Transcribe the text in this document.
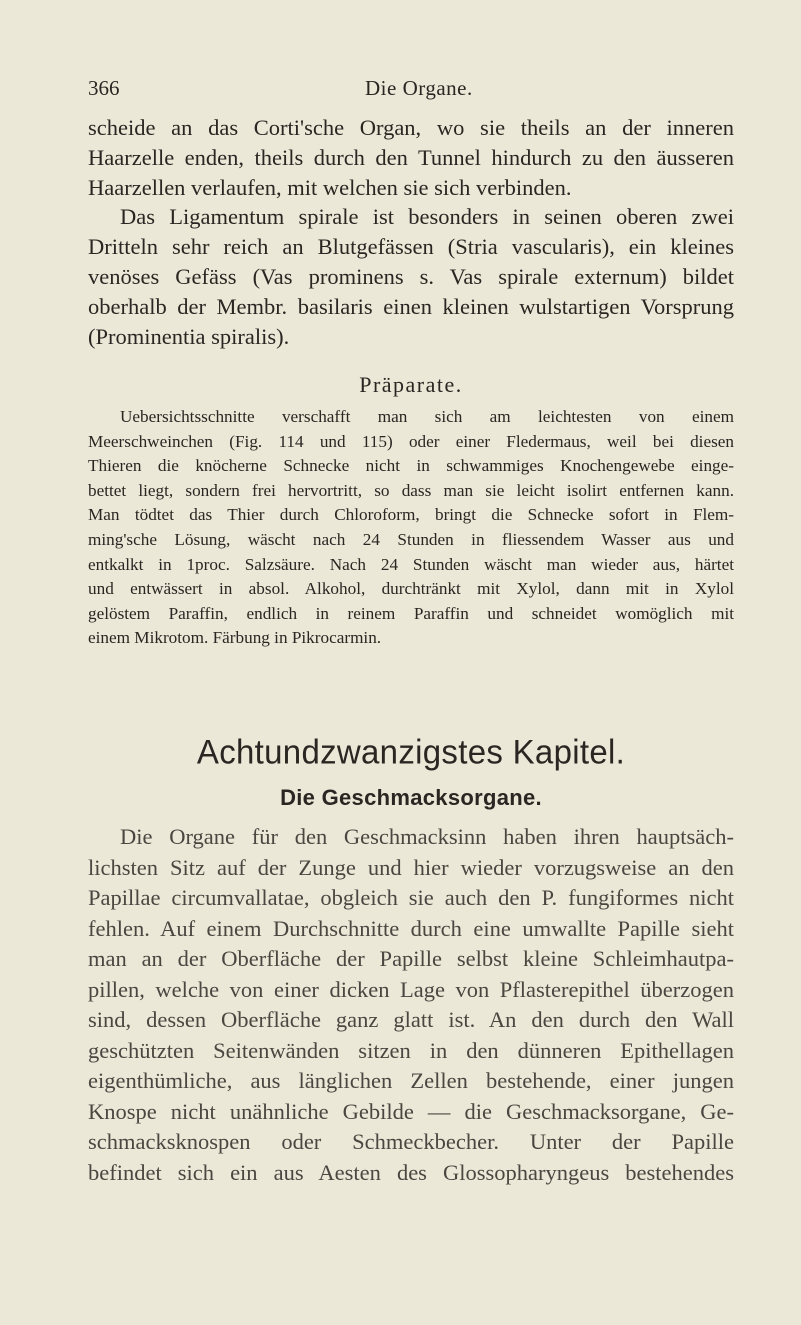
366	Die Organe.
scheide an das Corti'sche Organ, wo sie theils an der inneren
Haarzelle enden, theils durch den Tunnel hindurch zu den äusseren
Haarzellen verlaufen, mit welchen sie sich verbinden.
Das Ligamentum spirale ist besonders in seinen oberen zwei
Dritteln sehr reich an Blutgefässen (Stria vascularis), ein kleines
venöses Gefäss (Vas prominens s. Vas spirale externum) bildet
oberhalb der Membr. basilaris einen kleinen wulstartigen Vorsprung
(Prominentia spiralis).
Präparate.
Uebersichtsschnitte verschafft man sich am leichtesten von einem
Meerschweinchen (Fig. 114 und 115) oder einer Fledermaus, weil bei diesen
Thieren die knöcherne Schnecke nicht in schwammiges Knochengewebe einge-
bettet liegt, sondern frei hervortritt, so dass man sie leicht isolirt entfernen kann.
Man tödtet das Thier durch Chloroform, bringt die Schnecke sofort in Flem-
ming'sche Lösung, wäscht nach 24 Stunden in fliessendem Wasser aus und
entkalkt in 1proc. Salzsäure. Nach 24 Stunden wäscht man wieder aus, härtet
und entwässert in absol. Alkohol, durchtränkt mit Xylol, dann mit in Xylol
gelöstem Paraffin, endlich in reinem Paraffin und schneidet womöglich mit
einem Mikrotom. Färbung in Pikrocarmin.
Achtundzwanzigstes Kapitel.
Die Geschmacksorgane.
Die Organe für den Geschmacksinn haben ihren hauptsäch-
lichsten Sitz auf der Zunge und hier wieder vorzugsweise an den
Papillae circumvallatae, obgleich sie auch den P. fungiformes nicht
fehlen. Auf einem Durchschnitte durch eine umwallte Papille sieht
man an der Oberfläche der Papille selbst kleine Schleimhautpa-
pillen, welche von einer dicken Lage von Pflasterepithel überzogen
sind, dessen Oberfläche ganz glatt ist. An den durch den Wall
geschützten Seitenwänden sitzen in den dünneren Epithellagen
eigenthümliche, aus länglichen Zellen bestehende, einer jungen
Knospe nicht unähnliche Gebilde — die Geschmacksorgane, Ge-
schmacksknospen oder Schmeckbecher. Unter der Papille
befindet sich ein aus Aesten des Glossopharyngeus bestehendes
